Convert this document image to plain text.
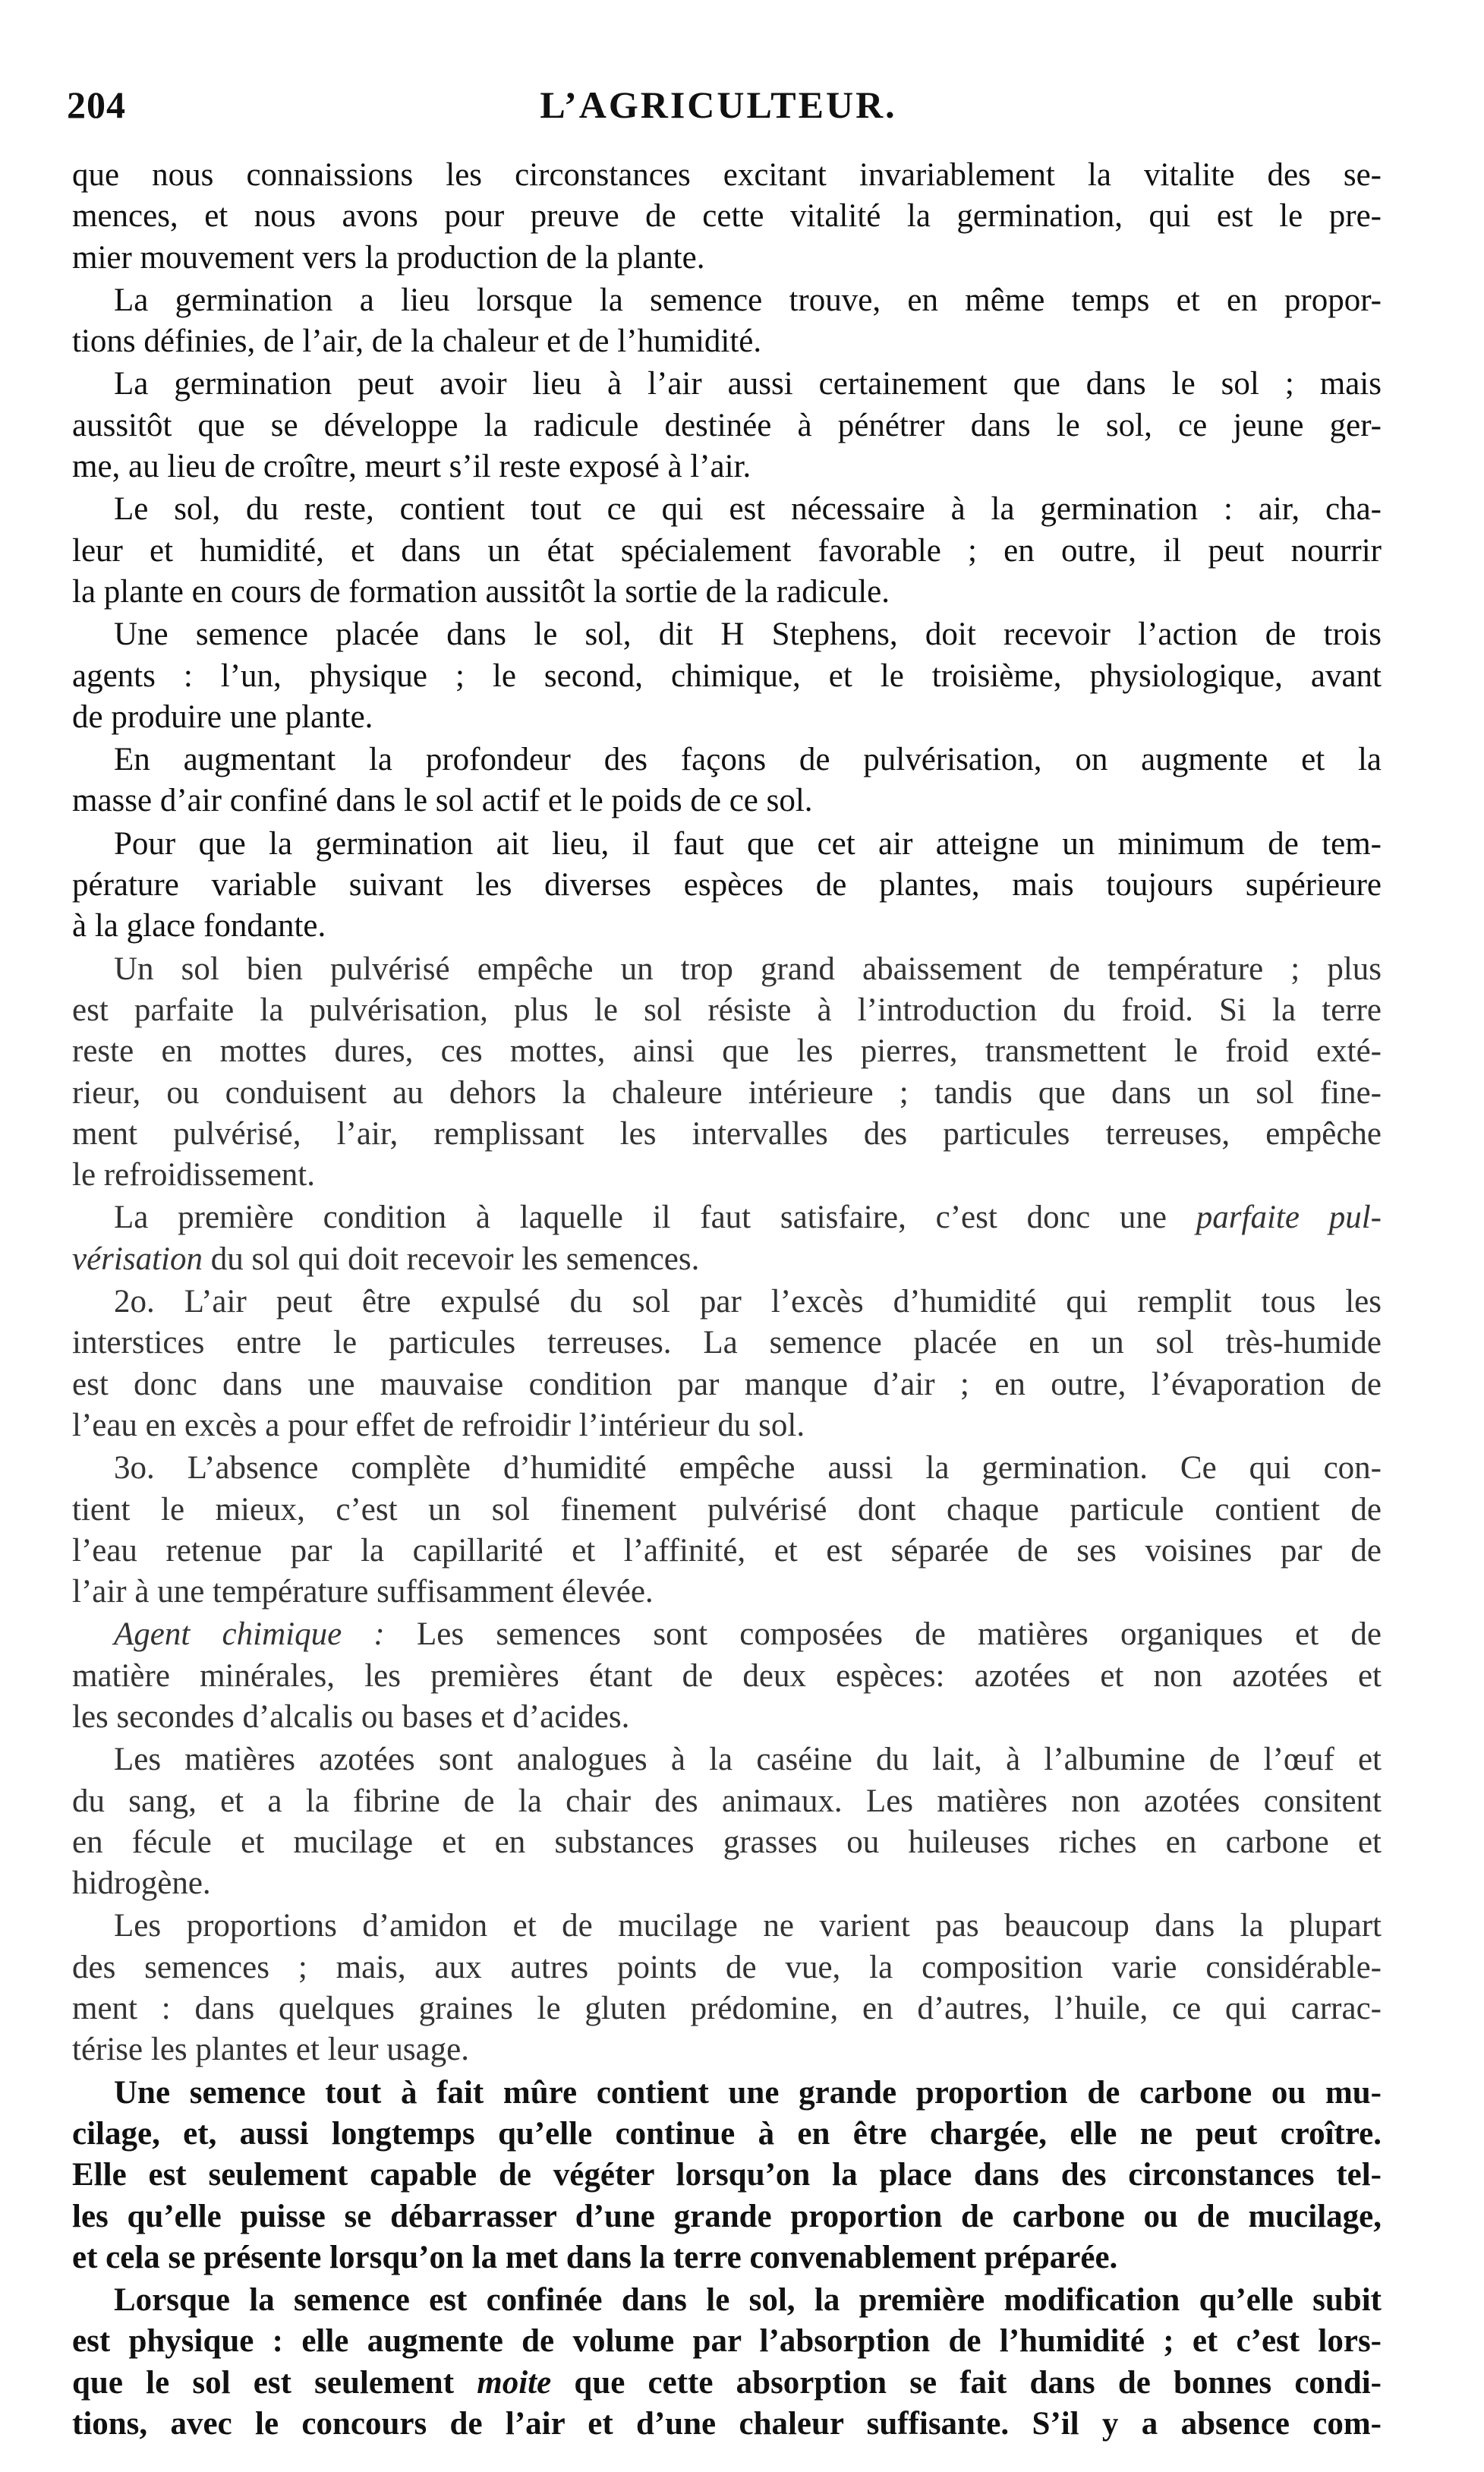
204	L’AGRICULTEUR.
que nous connaissions les circonstances excitant invariablement la vitalite des se-
mences, et nous avons pour preuve de cette vitalité la germination, qui est le pre-
mier mouvement vers la production de la plante.
La germination a lieu lorsque la semence trouve, en même temps et en propor-
tions définies, de l’air, de la chaleur et de l’humidité.
La germination peut avoir lieu à l’air aussi certainement que dans le sol ; mais
aussitôt que se développe la radicule destinée à pénétrer dans le sol, ce jeune ger-
me, au lieu de croître, meurt s’il reste exposé à l’air.
Le sol, du reste, contient tout ce qui est nécessaire à la germination : air, cha-
leur et humidité, et dans un état spécialement favorable ; en outre, il peut nourrir
la plante en cours de formation aussitôt la sortie de la radicule.
Une semence placée dans le sol, dit H Stephens, doit recevoir l’action de trois
agents : l’un, physique ; le second, chimique, et le troisième, physiologique, avant
de produire une plante.
En augmentant la profondeur des façons de pulvérisation, on augmente et la
masse d’air confiné dans le sol actif et le poids de ce sol.
Pour que la germination ait lieu, il faut que cet air atteigne un minimum de tem-
pérature variable suivant les diverses espèces de plantes, mais toujours supérieure
à la glace fondante.
Un sol bien pulvérisé empêche un trop grand abaissement de température ; plus
est parfaite la pulvérisation, plus le sol résiste à l’introduction du froid. Si la terre
reste en mottes dures, ces mottes, ainsi que les pierres, transmettent le froid exté-
rieur, ou conduisent au dehors la chaleure intérieure ; tandis que dans un sol fine-
ment pulvérisé, l’air, remplissant les intervalles des particules terreuses, empêche
le refroidissement.
La première condition à laquelle il faut satisfaire, c’est donc une parfaite pul-
vérisation du sol qui doit recevoir les semences.
2o. L’air peut être expulsé du sol par l’excès d’humidité qui remplit tous les
interstices entre le particules terreuses. La semence placée en un sol très-humide
est donc dans une mauvaise condition par manque d’air ; en outre, l’évaporation de
l’eau en excès a pour effet de refroidir l’intérieur du sol.
3o. L’absence complète d’humidité empêche aussi la germination. Ce qui con-
tient le mieux, c’est un sol finement pulvérisé dont chaque particule contient de
l’eau retenue par la capillarité et l’affinité, et est séparée de ses voisines par de
l’air à une température suffisamment élevée.
Agent chimique : Les semences sont composées de matières organiques et de
matière minérales, les premières étant de deux espèces: azotées et non azotées et
les secondes d’alcalis ou bases et d’acides.
Les matières azotées sont analogues à la caséine du lait, à l’albumine de l’œuf et
du sang, et a la fibrine de la chair des animaux. Les matières non azotées consitent
en fécule et mucilage et en substances grasses ou huileuses riches en carbone et
hidrogène.
Les proportions d’amidon et de mucilage ne varient pas beaucoup dans la plupart
des semences ; mais, aux autres points de vue, la composition varie considérable-
ment : dans quelques graines le gluten prédomine, en d’autres, l’huile, ce qui carrac-
térise les plantes et leur usage.
Une semence tout à fait mûre contient une grande proportion de carbone ou mu-
cilage, et, aussi longtemps qu’elle continue à en être chargée, elle ne peut croître.
Elle est seulement capable de végéter lorsqu’on la place dans des circonstances tel-
les qu’elle puisse se débarrasser d’une grande proportion de carbone ou de mucilage,
et cela se présente lorsqu’on la met dans la terre convenablement préparée.
Lorsque la semence est confinée dans le sol, la première modification qu’elle subit
est physique : elle augmente de volume par l’absorption de l’humidité ; et c’est lors-
que le sol est seulement moite que cette absorption se fait dans de bonnes condi-
tions, avec le concours de l’air et d’une chaleur suffisante. S’il y a absence com-
